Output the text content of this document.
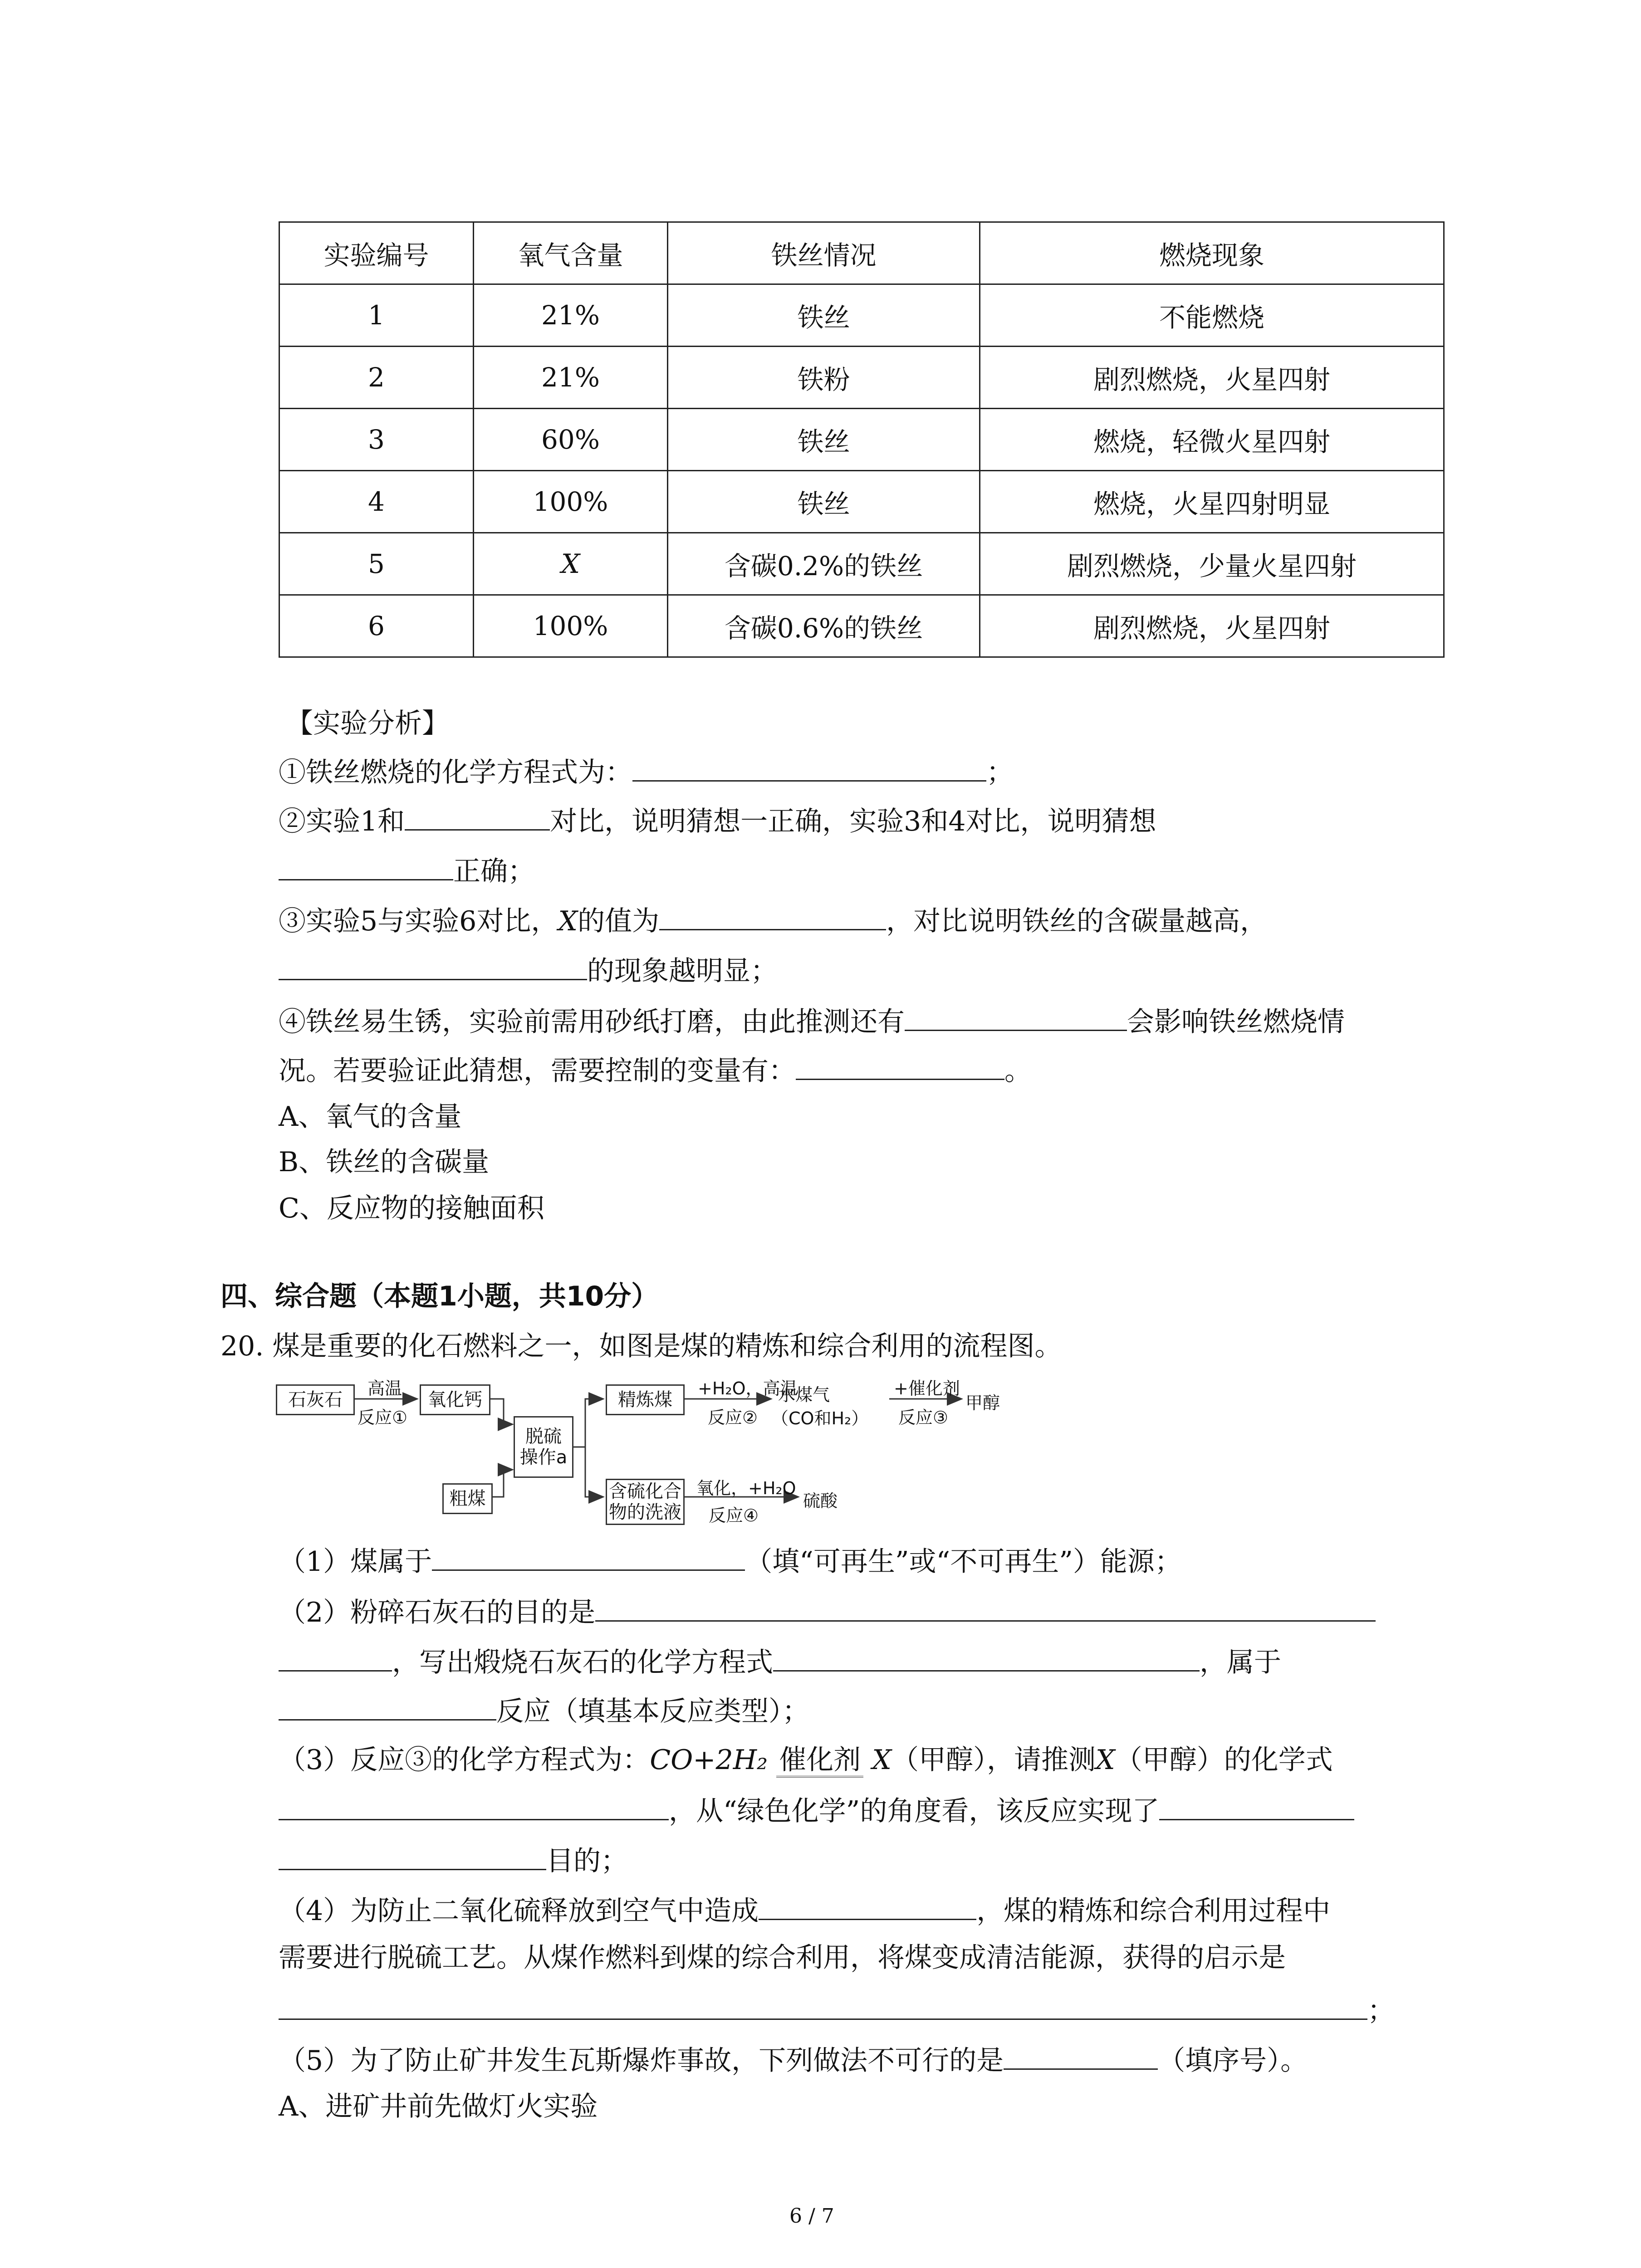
实验编号	氧气含量	铁丝情况	燃烧现象
1	21%	铁丝	不能燃烧
2	21%	铁粉	剧烈燃烧，火星四射
3	60%	铁丝	燃烧，轻微火星四射
4	100%	铁丝	燃烧，火星四射明显
5	X	含碳0.2%的铁丝	剧烈燃烧，少量火星四射
6	100%	含碳0.6%的铁丝	剧烈燃烧，火星四射
【实验分析】
①铁丝燃烧的化学方程式为：	；
②实验1和	对比，说明猜想一正确，实验3和4对比，说明猜想
正确；
③实验5与实验6对比，X的值为	，对比说明铁丝的含碳量越高，
的现象越明显；
④铁丝易生锈，实验前需用砂纸打磨，由此推测还有	会影响铁丝燃烧情
况。若要验证此猜想，需要控制的变量有：	。
A、氧气的含量
B、铁丝的含碳量
C、反应物的接触面积
四、综合题（本题1小题，共10分）
20. 煤是重要的化石燃料之一，如图是煤的精炼和综合利用的流程图。
石灰石
高温
反应①
氧化钙
脱硫
操作a
粗煤
精炼煤
+H₂O，高温
反应②
水煤气
（CO和H₂）
+催化剂
反应③
甲醇
含硫化合
物的洗液
氧化，+H₂O
反应④
硫酸
（1）煤属于	（填“可再生”或“不可再生”）能源；
（2）粉碎石灰石的目的是
，写出煅烧石灰石的化学方程式	，属于
反应（填基本反应类型）；
（3）反应③的化学方程式为：CO+2H₂ 催化剂 X（甲醇），请推测X（甲醇）的化学式
，从“绿色化学”的角度看，该反应实现了
目的；
（4）为防止二氧化硫释放到空气中造成	，煤的精炼和综合利用过程中
需要进行脱硫工艺。从煤作燃料到煤的综合利用，将煤变成清洁能源，获得的启示是
；
（5）为了防止矿井发生瓦斯爆炸事故，下列做法不可行的是	（填序号）。
A、进矿井前先做灯火实验
6 / 7
